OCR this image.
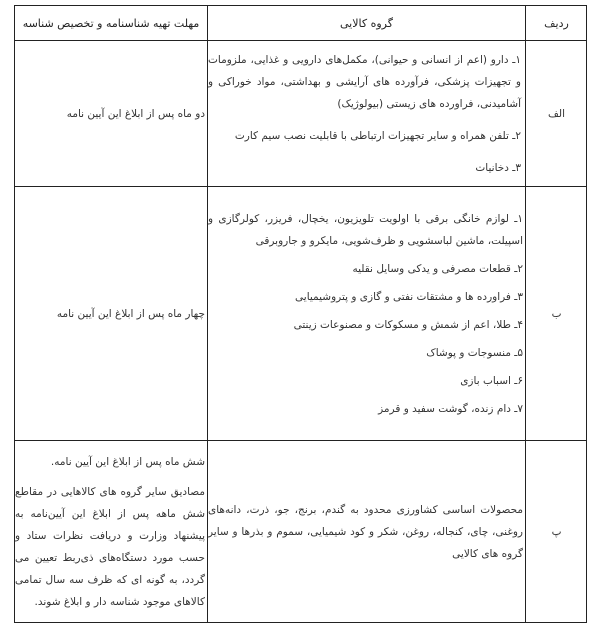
ردیف
گروه کالایی
مهلت تهیه شناسنامه و تخصیص شناسه
الف
۱ـ دارو (اعم از انسانی و حیوانی)، مکمل‌های دارویی و غذایی، ملزومات و تجهیزات پزشکی، فرآورده های آرایشی و بهداشتی، مواد خوراکی و آشامیدنی، فراورده های زیستی (بیولوژیک)
۲ـ تلفن همراه و سایر تجهیزات ارتباطی با قابلیت نصب سیم کارت
۳ـ دخانیات
دو ماه پس از ابلاغ این آیین نامه
ب
۱ـ لوازم خانگی برقی با اولویت تلویزیون، یخچال، فریزر، کولرگازی و اسپیلت، ماشین لباسشویی و ظرف‌شویی، مایکرو و جاروبرقی
۲ـ قطعات مصرفی و یدکی وسایل نقلیه
۳ـ فراورده ها و مشتقات نفتی و گازی و پتروشیمیایی
۴ـ طلا، اعم از شمش و مسکوکات و مصنوعات زینتی
۵ـ منسوجات و پوشاک
۶ـ اسباب بازی
۷ـ دام زنده، گوشت سفید و قرمز
چهار ماه پس از ابلاغ این آیین نامه
پ
محصولات اساسی کشاورزی محدود به گندم، برنج، جو، ذرت، دانه‌های روغنی، چای، کنجاله، روغن، شکر و کود شیمیایی، سموم و بذرها و سایر گروه های کالایی
شش ماه پس از ابلاغ این آیین نامه.
مصادیق سایر گروه های کالاهایی در مقاطع شش ماهه پس از ابلاغ این آیین‌نامه به پیشنهاد وزارت و دریافت نظرات ستاد و حسب مورد دستگاه‌های ذی‌ربط تعیین می گردد، به گونه ای که ظرف سه سال تمامی کالاهای موجود شناسه دار و ابلاغ شوند.
